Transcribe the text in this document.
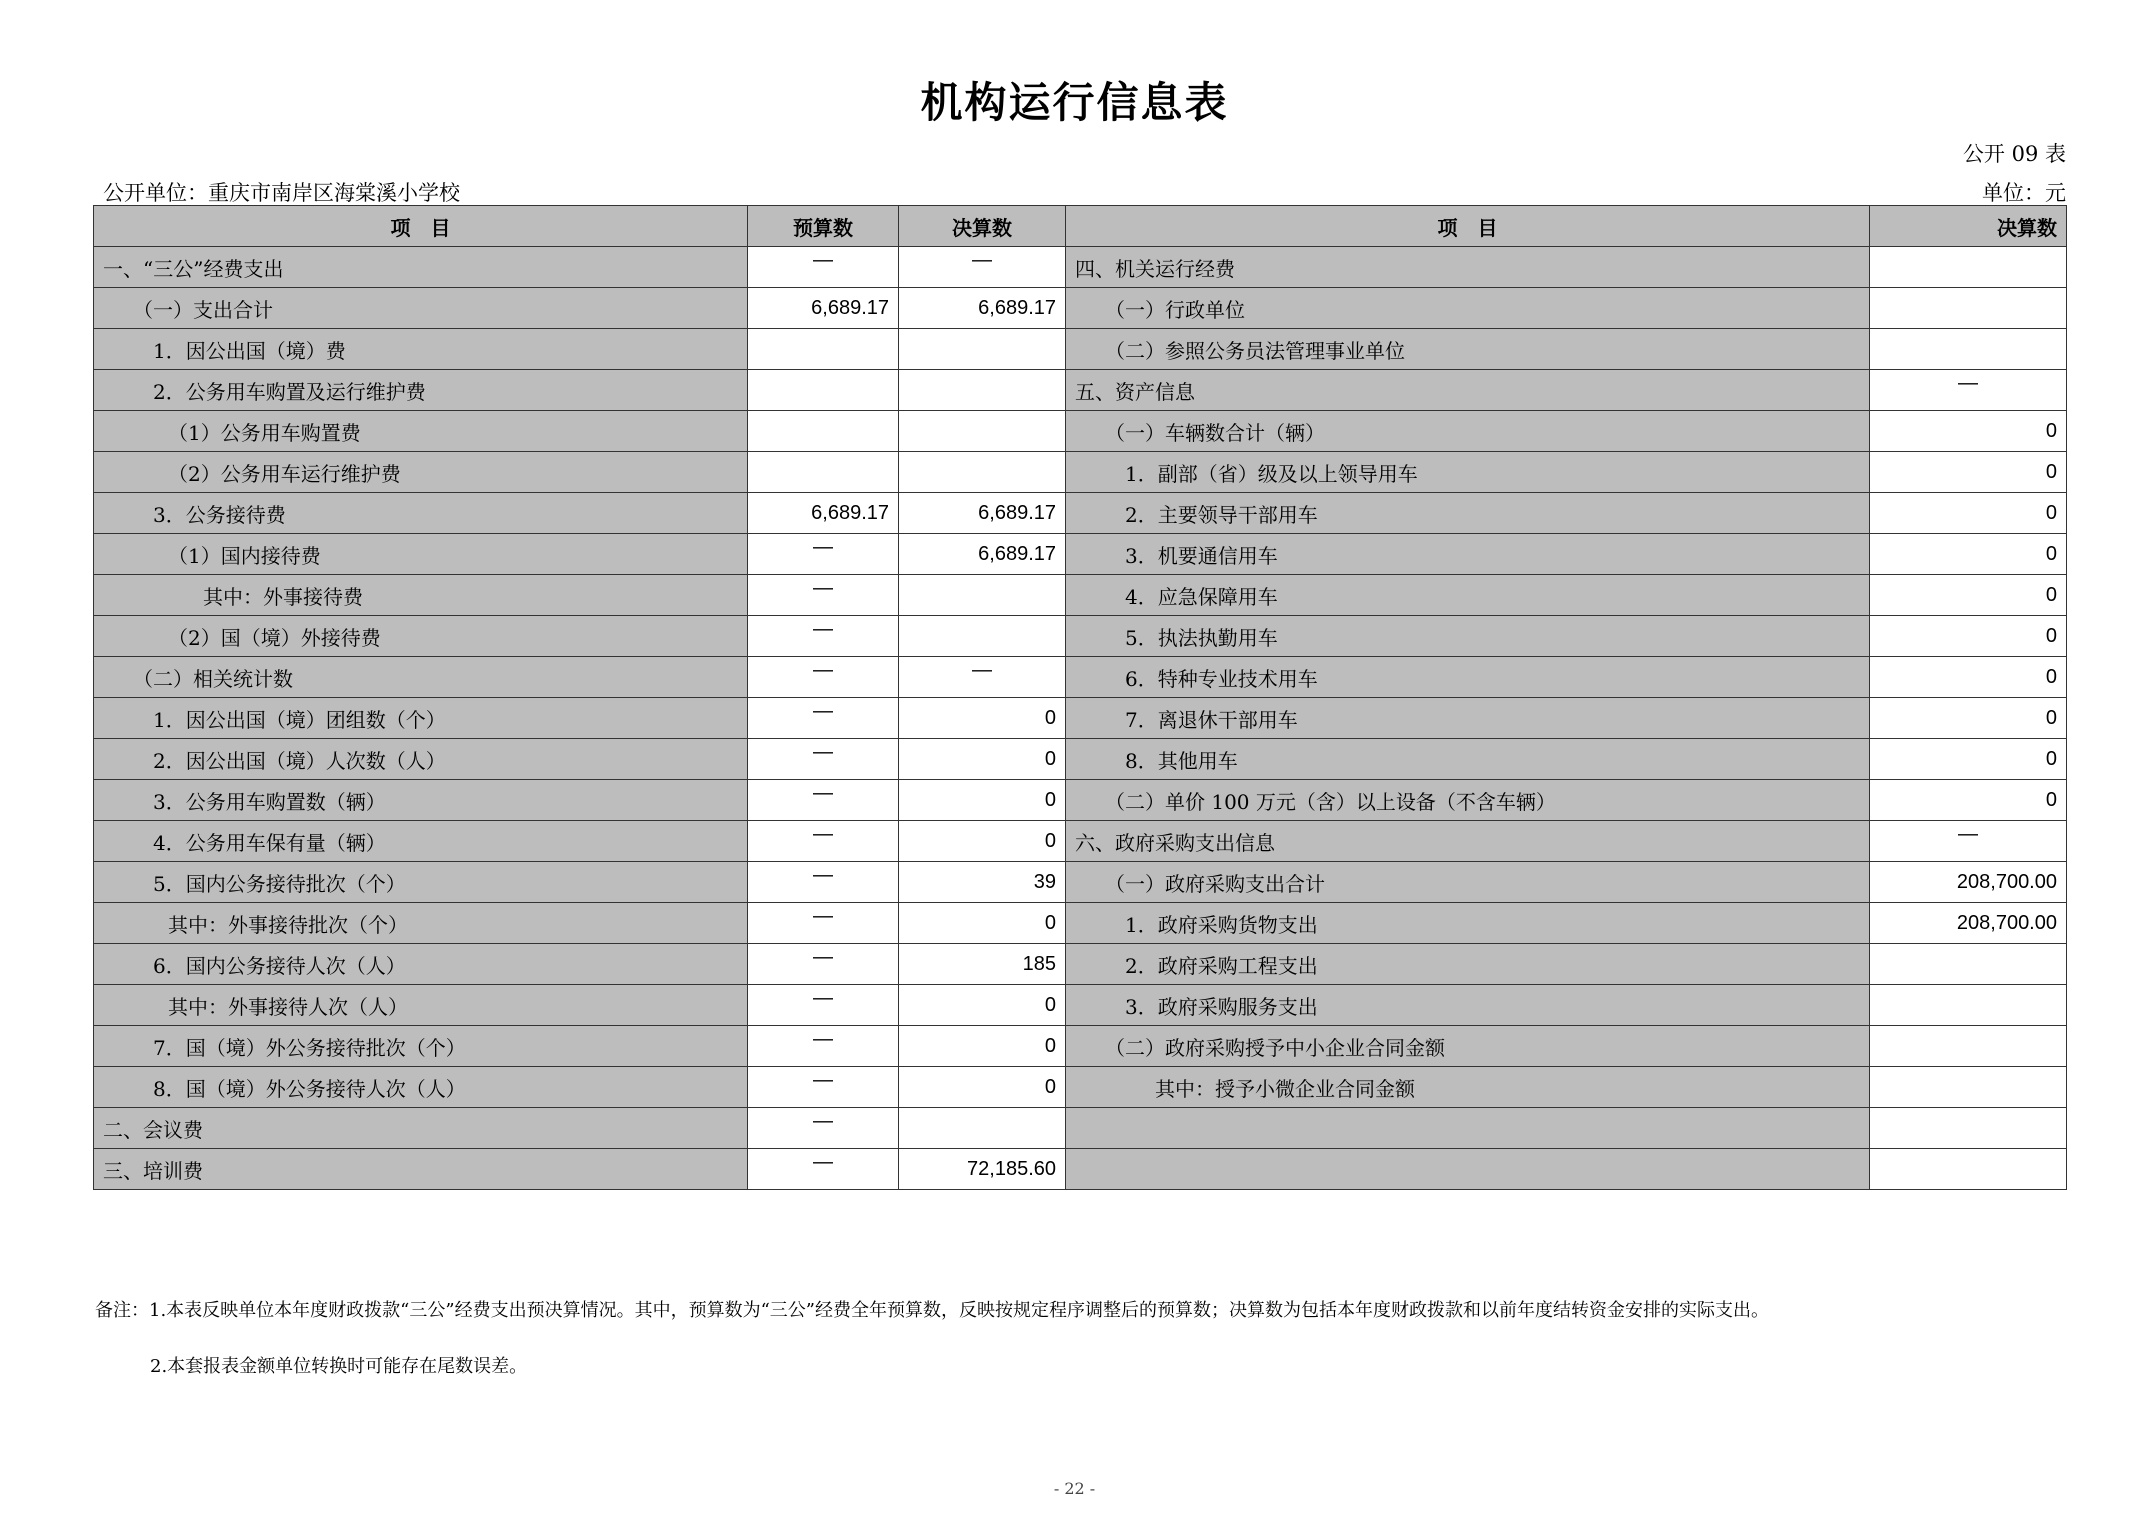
机构运行信息表
公开 09 表
公开单位：重庆市南岸区海棠溪小学校	单位：元
项　目	预算数	决算数	项　目	决算数
一、“三公”经费支出	—	—	四、机关运行经费	
（一）支出合计	6,689.17	6,689.17	（一）行政单位	
1．因公出国（境）费			（二）参照公务员法管理事业单位	
2．公务用车购置及运行维护费			五、资产信息	—
（1）公务用车购置费			（一）车辆数合计（辆）	0
（2）公务用车运行维护费			1．副部（省）级及以上领导用车	0
3．公务接待费	6,689.17	6,689.17	2．主要领导干部用车	0
（1）国内接待费	—	6,689.17	3．机要通信用车	0
其中：外事接待费	—		4．应急保障用车	0
（2）国（境）外接待费	—		5．执法执勤用车	0
（二）相关统计数	—	—	6．特种专业技术用车	0
1．因公出国（境）团组数（个）	—	0	7．离退休干部用车	0
2．因公出国（境）人次数（人）	—	0	8．其他用车	0
3．公务用车购置数（辆）	—	0	（二）单价 100 万元（含）以上设备（不含车辆）	0
4．公务用车保有量（辆）	—	0	六、政府采购支出信息	—
5．国内公务接待批次（个）	—	39	（一）政府采购支出合计	208,700.00
其中：外事接待批次（个）	—	0	1．政府采购货物支出	208,700.00
6．国内公务接待人次（人）	—	185	2．政府采购工程支出	
其中：外事接待人次（人）	—	0	3．政府采购服务支出	
7．国（境）外公务接待批次（个）	—	0	（二）政府采购授予中小企业合同金额	
8．国（境）外公务接待人次（人）	—	0	其中：授予小微企业合同金额	
二、会议费	—			
三、培训费	—	72,185.60		
备注：1.本表反映单位本年度财政拨款“三公”经费支出预决算情况。其中，预算数为“三公”经费全年预算数，反映按规定程序调整后的预算数；决算数为包括本年度财政拨款和以前年度结转资金安排的实际支出。
2.本套报表金额单位转换时可能存在尾数误差。
- 22 -
